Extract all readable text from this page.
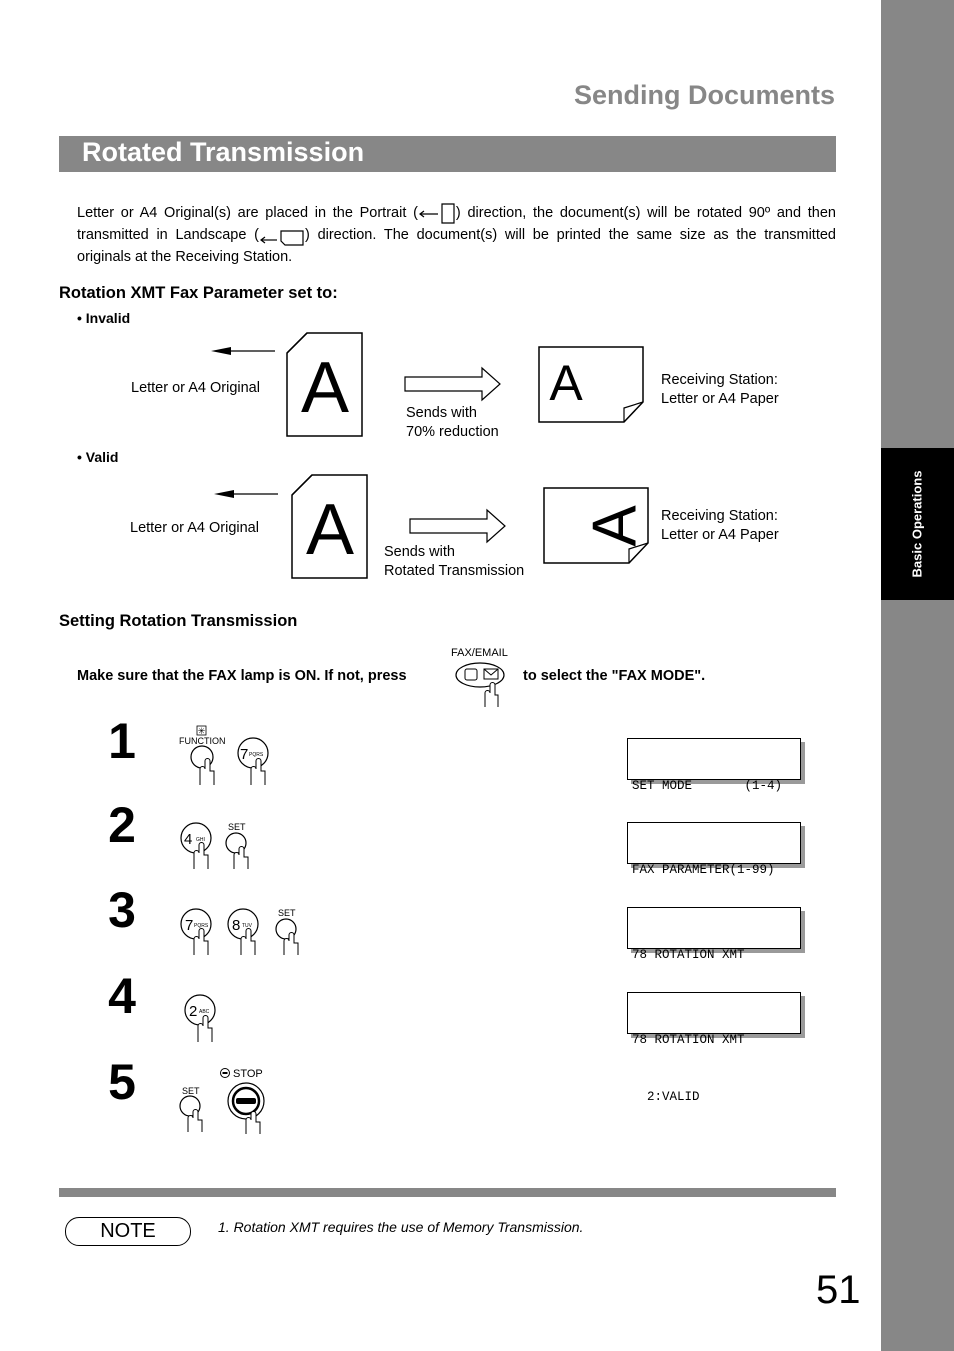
Basic Operations
Sending Documents
Rotated Transmission
Letter or A4 Original(s) are placed in the Portrait (	) direction, the document(s) will be rotated 90º and then transmitted in Landscape (	) direction. The document(s) will be printed the same size as the transmitted originals at the Receiving Station.
Rotation XMT Fax Parameter set to:
• Invalid
Letter or A4 Original A	Sends with
70% reduction
A	Receiving Station:
Letter or A4 Paper
• Valid
Letter or A4 Original A Sends with
Rotated Transmission
A Receiving Station:
Letter or A4 Paper
Setting Rotation Transmission
FAX/EMAIL
Make sure that the FAX lamp is ON. If not, press	to select the "FAX MODE".
1	✳
FUNCTION
7 PQRS

SET MODE       (1-4)

2	4 GHI
SET

FAX PARAMETER(1-99)

3	7 PQRS 8 TUV
SET

78 ROTATION XMT

4	2 ABC

78 ROTATION XMT

2:VALID

5	SET
STOP
NOTE	1. Rotation XMT requires the use of Memory Transmission.
51
